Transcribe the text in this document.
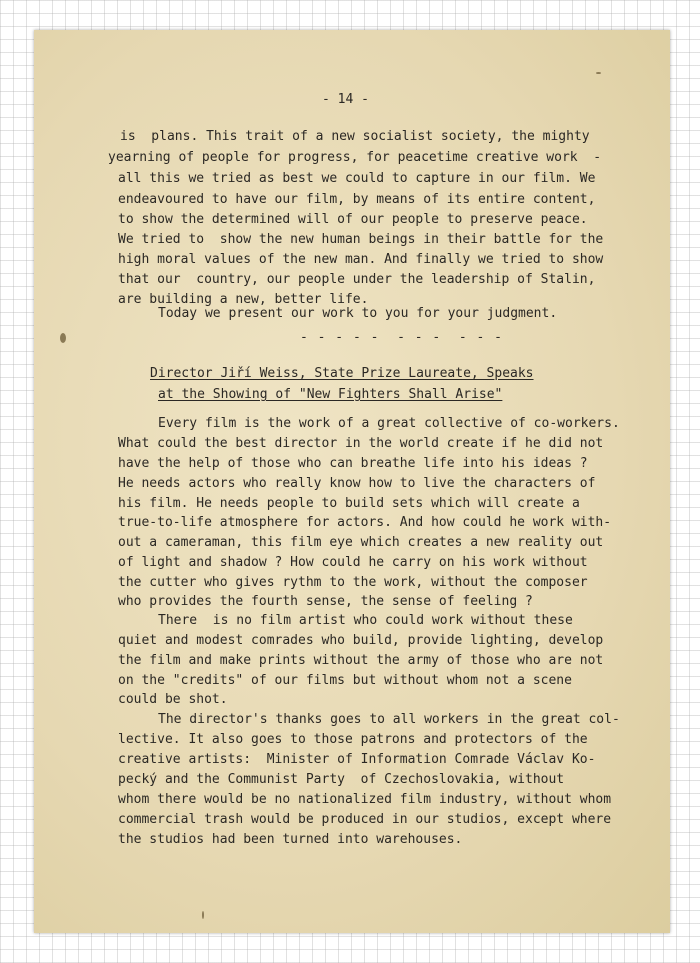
- 14 -

is  plans. This trait of a new socialist society, the mighty

yearning of people for progress, for peacetime creative work  -

all this we tried as best we could to capture in our film. We

endeavoured to have our film, by means of its entire content,

to show the determined will of our people to preserve peace.

We tried to  show the new human beings in their battle for the

high moral values of the new man. And finally we tried to show

that our  country, our people under the leadership of Stalin,

are building a new, better life.

Today we present our work to you for your judgment.

- - - - -  - - -  - - -

Director Jiří Weiss, State Prize Laureate, Speaks

at the Showing of "New Fighters Shall Arise"

Every film is the work of a great collective of co-workers.

What could the best director in the world create if he did not

have the help of those who can breathe life into his ideas ?

He needs actors who really know how to live the characters of

his film. He needs people to build sets which will create a

true-to-life atmosphere for actors. And how could he work with-

out a cameraman, this film eye which creates a new reality out

of light and shadow ? How could he carry on his work without

the cutter who gives rythm to the work, without the composer

who provides the fourth sense, the sense of feeling ?

There  is no film artist who could work without these

quiet and modest comrades who build, provide lighting, develop

the film and make prints without the army of those who are not

on the "credits" of our films but without whom not a scene

could be shot.

The director's thanks goes to all workers in the great col-

lective. It also goes to those patrons and protectors of the

creative artists:  Minister of Information Comrade Václav Ko-

pecký and the Communist Party  of Czechoslovakia, without

whom there would be no nationalized film industry, without whom

commercial trash would be produced in our studios, except where

the studios had been turned into warehouses.
